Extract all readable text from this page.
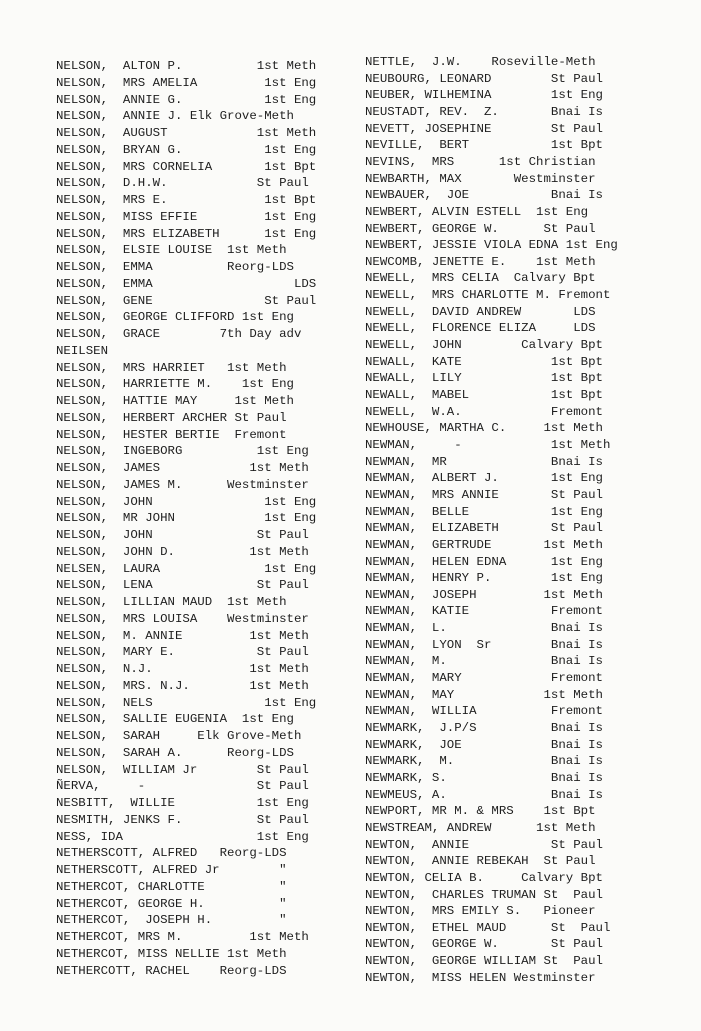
NELSON,  ALTON P.          1st Meth
NELSON,  MRS AMELIA         1st Eng
NELSON,  ANNIE G.           1st Eng
NELSON,  ANNIE J. Elk Grove-Meth
NELSON,  AUGUST            1st Meth
NELSON,  BRYAN G.           1st Eng
NELSON,  MRS CORNELIA       1st Bpt
NELSON,  D.H.W.            St Paul
NELSON,  MRS E.             1st Bpt
NELSON,  MISS EFFIE         1st Eng
NELSON,  MRS ELIZABETH      1st Eng
NELSON,  ELSIE LOUISE  1st Meth
NELSON,  EMMA          Reorg-LDS
NELSON,  EMMA                   LDS
NELSON,  GENE               St Paul
NELSON,  GEORGE CLIFFORD 1st Eng
NELSON,  GRACE        7th Day adv
NEILSEN
NELSON,  MRS HARRIET   1st Meth
NELSON,  HARRIETTE M.    1st Eng
NELSON,  HATTIE MAY     1st Meth
NELSON,  HERBERT ARCHER St Paul
NELSON,  HESTER BERTIE  Fremont
NELSON,  INGEBORG          1st Eng
NELSON,  JAMES            1st Meth
NELSON,  JAMES M.      Westminster
NELSON,  JOHN               1st Eng
NELSON,  MR JOHN            1st Eng
NELSON,  JOHN              St Paul
NELSON,  JOHN D.          1st Meth
NELSEN,  LAURA              1st Eng
NELSON,  LENA              St Paul
NELSON,  LILLIAN MAUD  1st Meth
NELSON,  MRS LOUISA    Westminster
NELSON,  M. ANNIE         1st Meth
NELSON,  MARY E.           St Paul
NELSON,  N.J.             1st Meth
NELSON,  MRS. N.J.        1st Meth
NELSON,  NELS               1st Eng
NELSON,  SALLIE EUGENIA  1st Eng
NELSON,  SARAH     Elk Grove-Meth
NELSON,  SARAH A.      Reorg-LDS
NELSON,  WILLIAM Jr        St Paul
ÑERVA,     -               St Paul
NESBITT,  WILLIE           1st Eng
NESMITH, JENKS F.          St Paul
NESS, IDA                  1st Eng
NETHERSCOTT, ALFRED   Reorg-LDS
NETHERSCOTT, ALFRED Jr        "
NETHERCOT, CHARLOTTE          "
NETHERCOT, GEORGE H.          "
NETHERCOT,  JOSEPH H.         "
NETHERCOT, MRS M.         1st Meth
NETHERCOT, MISS NELLIE 1st Meth
NETHERCOTT, RACHEL    Reorg-LDS
NETTLE,  J.W.    Roseville-Meth
NEUBOURG, LEONARD        St Paul
NEUBER, WILHEMINA        1st Eng
NEUSTADT, REV.  Z.       Bnai Is
NEVETT, JOSEPHINE        St Paul
NEVILLE,  BERT           1st Bpt
NEVINS,  MRS      1st Christian
NEWBARTH, MAX       Westminster
NEWBAUER,  JOE           Bnai Is
NEWBERT, ALVIN ESTELL  1st Eng
NEWBERT, GEORGE W.      St Paul
NEWBERT, JESSIE VIOLA EDNA 1st Eng
NEWCOMB, JENETTE E.    1st Meth
NEWELL,  MRS CELIA  Calvary Bpt
NEWELL,  MRS CHARLOTTE M. Fremont
NEWELL,  DAVID ANDREW       LDS
NEWELL,  FLORENCE ELIZA     LDS
NEWELL,  JOHN        Calvary Bpt
NEWALL,  KATE            1st Bpt
NEWALL,  LILY            1st Bpt
NEWALL,  MABEL           1st Bpt
NEWELL,  W.A.            Fremont
NEWHOUSE, MARTHA C.     1st Meth
NEWMAN,     -            1st Meth
NEWMAN,  MR              Bnai Is
NEWMAN,  ALBERT J.       1st Eng
NEWMAN,  MRS ANNIE       St Paul
NEWMAN,  BELLE           1st Eng
NEWMAN,  ELIZABETH       St Paul
NEWMAN,  GERTRUDE       1st Meth
NEWMAN,  HELEN EDNA      1st Eng
NEWMAN,  HENRY P.        1st Eng
NEWMAN,  JOSEPH         1st Meth
NEWMAN,  KATIE           Fremont
NEWMAN,  L.              Bnai Is
NEWMAN,  LYON  Sr        Bnai Is
NEWMAN,  M.              Bnai Is
NEWMAN,  MARY            Fremont
NEWMAN,  MAY            1st Meth
NEWMAN,  WILLIA          Fremont
NEWMARK,  J.P/S          Bnai Is
NEWMARK,  JOE            Bnai Is
NEWMARK,  M.             Bnai Is
NEWMARK, S.              Bnai Is
NEWMEUS, A.              Bnai Is
NEWPORT, MR M. & MRS    1st Bpt
NEWSTREAM, ANDREW      1st Meth
NEWTON,  ANNIE           St Paul
NEWTON,  ANNIE REBEKAH  St Paul
NEWTON, CELIA B.     Calvary Bpt
NEWTON,  CHARLES TRUMAN St  Paul
NEWTON,  MRS EMILY S.   Pioneer
NEWTON,  ETHEL MAUD      St  Paul
NEWTON,  GEORGE W.       St Paul
NEWTON,  GEORGE WILLIAM St  Paul
NEWTON,  MISS HELEN Westminster
